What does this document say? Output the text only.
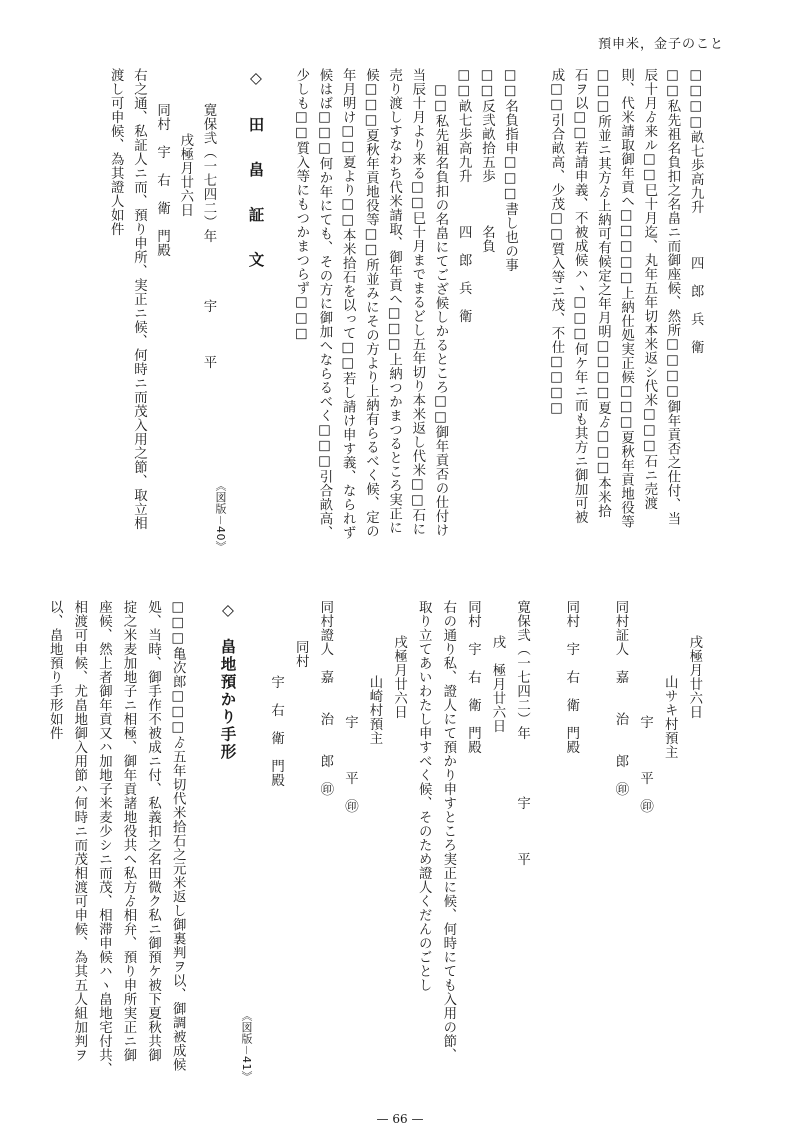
預申米，金子のこと
□□□□畝七歩高九升　　　四　郎　兵　衛
□□私先祖名負扣之名畠ニ而御座候、然所□□□□御年貢否之仕付、当
辰十月ゟ来ル□□巳十月迄、丸年五年切本米返シ代米□□□石ニ売渡
則、代米請取御年貢へ□□□□□上納仕処実正候□□□夏秋年貢地役等
□□□所並ニ其方ゟ上納可有候定之年月明□□□□夏ゟ□□□本米拾
石ヲ以□□若請申義、不被成候ハヽ□□□何ケ年ニ而も其方ニ御加可被
成□□引合畝高、少茂□□質入等ニ茂、不仕□□□□
□□名負指申□□□書し也の事
□□反弐畝拾五歩　　　名負
□□畝七歩高九升　　　四　郎　兵　衛
□□私先祖名負扣の名畠にてござ候しかるところ□□御年貢否の仕付け
当辰十月より来る□□巳十月までまるどし五年切り本米返し代米□□石に
売り渡しすなわち代米請取、御年貢へ□□□上納つかまつるところ実正に
候□□□夏秋年貢地役等□□所並みにその方より上納有らるべく候、定の
年月明け□□夏より□□本米拾石を以って□□若し請け申す義、なられず
候はば□□□何か年にても、その方に御加へならるべく□□□引合畝高、
少しも□□質入等にもつかまつらず□□□
◇　田　畠　証　文
寛保弐（一七四二）年　　　　宇　　　平
戌極月廿六日
同村　宇　右　衛　門殿
右之通、私証人ニ而、預り申所、実正ニ候、何時ニ而茂入用之節、取立相
渡し可申候、為其證人如件
戌極月廿六日
山サキ村預主
宇　　　平　㊞
同村証人　嘉　　治　　郎　㊞
同村　宇　右　衛　門殿
寛保弐（一七四二）年　　　　宇　　　平
戌　極月廿六日
同村　宇　右　衛　門殿
右の通り私、證人にて預かり申すところ実正に候、何時にても入用の節、
取り立てあいわたし申すべく候、そのため證人くだんのごとし
戌極月廿六日
山崎村預主
宇　　　平　㊞
同村證人　嘉　　治　　郎　㊞
同村
宇　右　衛　門殿
◇　畠地預かり手形
□□□亀次郎□□□ゟ五年切代米拾石之元米返し御裏判ヲ以、御調被成候
処、当時、御手作不被成ニ付、私義扣之名田微ク私ニ御預ケ被下夏秋共御
掟之米麦加地子ニ相極、御年貢諸地役共へ私方ゟ相弁、預り申所実正ニ御
座候、然上者御年貢又ハ加地子米麦少シニ而茂、相滞申候ハヽ畠地宅付共、
相渡可申候、尤畠地御入用節ハ何時ニ而茂相渡可申候、為其五人組加判ヲ
以、畠地預り手形如件
《図版－40》
《図版－41》
— 66 —
